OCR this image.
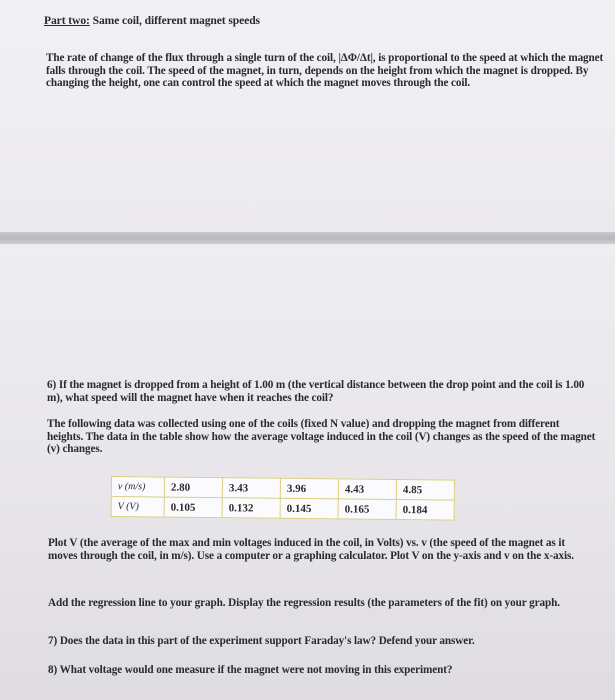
Part two: Same coil, different magnet speeds
The rate of change of the flux through a single turn of the coil, |ΔΦ/Δt|, is proportional to the speed at which the magnet falls through the coil. The speed of the magnet, in turn, depends on the height from which the magnet is dropped. By changing the height, one can control the speed at which the magnet moves through the coil.
6) If the magnet is dropped from a height of 1.00 m (the vertical distance between the drop point and the coil is 1.00 m), what speed will the magnet have when it reaches the coil?
The following data was collected using one of the coils (fixed N value) and dropping the magnet from different heights. The data in the table show how the average voltage induced in the coil (V) changes as the speed of the magnet (v) changes.
v (m/s)	2.80	3.43	3.96	4.43	4.85
V (V)	0.105	0.132	0.145	0.165	0.184
Plot V (the average of the max and min voltages induced in the coil, in Volts) vs. v (the speed of the magnet as it moves through the coil, in m/s). Use a computer or a graphing calculator. Plot V on the y-axis and v on the x-axis.
Add the regression line to your graph. Display the regression results (the parameters of the fit) on your graph.
7) Does the data in this part of the experiment support Faraday's law? Defend your answer.
8) What voltage would one measure if the magnet were not moving in this experiment?
